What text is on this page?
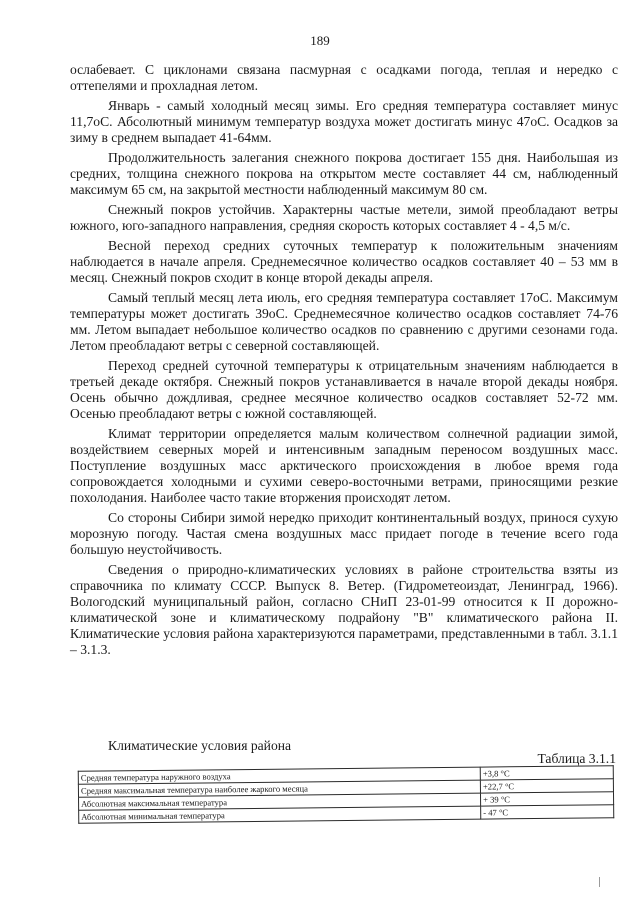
189

ослабевает. С циклонами связана пасмурная с осадками погода, теплая и нередко с оттепелями и прохладная летом.

Январь - самый холодный месяц зимы. Его средняя температура составляет минус 11,7оС. Абсолютный минимум температур воздуха может достигать минус 47оС. Осадков за зиму в среднем выпадает 41-64мм.

Продолжительность залегания снежного покрова достигает 155 дня. Наибольшая из средних, толщина снежного покрова на открытом месте составляет 44 см, наблюденный максимум 65 см, на закрытой местности наблюденный максимум 80 см.

Снежный покров устойчив. Характерны частые метели, зимой преобладают ветры южного, юго-западного направления, средняя скорость которых составляет 4 - 4,5 м/с.

Весной переход средних суточных температур к положительным значениям наблюдается в начале апреля. Среднемесячное количество осадков составляет 40 – 53 мм в месяц. Снежный покров сходит в конце второй декады апреля.

Самый теплый месяц лета июль, его средняя температура составляет 17оС. Максимум температуры может достигать 39оС. Среднемесячное количество осадков составляет 74-76 мм. Летом выпадает небольшое количество осадков по сравнению с другими сезонами года. Летом преобладают ветры с северной составляющей.

Переход средней суточной температуры к отрицательным значениям наблюдается в третьей декаде октября. Снежный покров устанавливается в начале второй декады ноября. Осень обычно дождливая, среднее месячное количество осадков составляет 52-72 мм. Осенью преобладают ветры с южной составляющей.

Климат территории определяется малым количеством солнечной радиации зимой, воздействием северных морей и интенсивным западным переносом воздушных масс. Поступление воздушных масс арктического происхождения в любое время года сопровождается холодными и сухими северо-восточными ветрами, приносящими резкие похолодания. Наиболее часто такие вторжения происходят летом.

Со стороны Сибири зимой нередко приходит континентальный воздух, принося сухую морозную погоду. Частая смена воздушных масс придает погоде в течение всего года большую неустойчивость.

Сведения о природно-климатических условиях в районе строительства взяты из справочника по климату СССР. Выпуск 8. Ветер. (Гидрометеоиздат, Ленинград, 1966). Вологодский муниципальный район, согласно СНиП 23-01-99 относится к II дорожно-климатической зоне и климатическому подрайону "В" климатического района II. Климатические условия района характеризуются параметрами, представленными в табл. 3.1.1 – 3.1.3.

Климатические условия района
Таблица 3.1.1
Средняя температура наружного воздуха	+3,8 °С
Средняя максимальная температура наиболее жаркого месяца	+22,7 °С
Абсолютная максимальная температура	+ 39 °С
Абсолютная минимальная температура	- 47 °С
